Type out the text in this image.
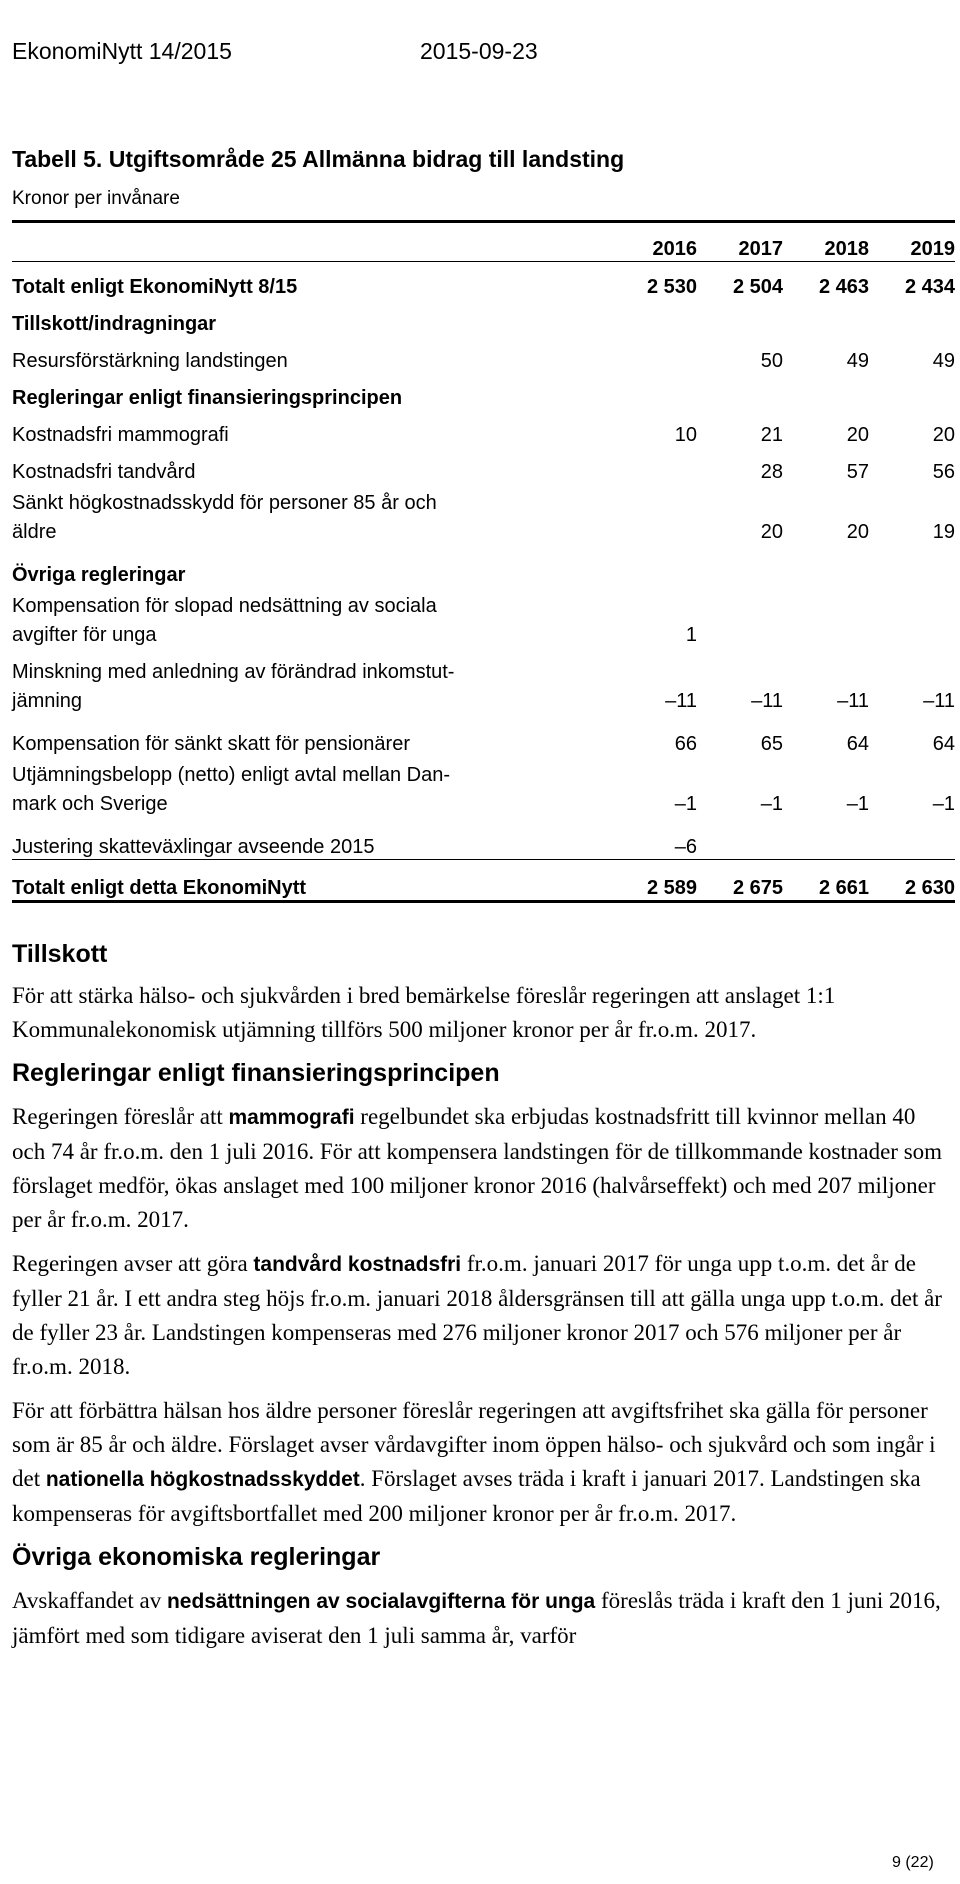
EkonomiNytt 14/2015	2015-09-23
Tabell 5. Utgiftsområde 25 Allmänna bidrag till landsting
Kronor per invånare
	2016	2017	2018	2019
Totalt enligt EkonomiNytt 8/15	2 530	2 504	2 463	2 434
Tillskott/indragningar				
Resursförstärkning landstingen		50	49	49
Regleringar enligt finansieringsprincipen				
Kostnadsfri mammografi	10	21	20	20
Kostnadsfri tandvård		28	57	56
Sänkt högkostnadsskydd för personer 85 år och
äldre		20	20	19
Övriga regleringar				
Kompensation för slopad nedsättning av sociala
avgifter för unga	1			
Minskning med anledning av förändrad inkomstut-
jämning	–11	–11	–11	–11
Kompensation för sänkt skatt för pensionärer	66	65	64	64
Utjämningsbelopp (netto) enligt avtal mellan Dan-
mark och Sverige	–1	–1	–1	–1
Justering skatteväxlingar avseende 2015	–6			
Totalt enligt detta EkonomiNytt	2 589	2 675	2 661	2 630
Tillskott

För att stärka hälso- och sjukvården i bred bemärkelse föreslår regeringen att anslaget 1:1 Kommunalekonomisk utjämning tillförs 500 miljoner kronor per år fr.o.m. 2017.

Regleringar enligt finansieringsprincipen

Regeringen föreslår att mammografi regelbundet ska erbjudas kostnadsfritt till kvinnor mellan 40 och 74 år fr.o.m. den 1 juli 2016. För att kompensera landstingen för de tillkommande kostnader som förslaget medför, ökas anslaget med 100 miljoner kronor 2016 (halvårseffekt) och med 207 miljoner per år fr.o.m. 2017.

Regeringen avser att göra tandvård kostnadsfri fr.o.m. januari 2017 för unga upp t.o.m. det år de fyller 21 år. I ett andra steg höjs fr.o.m. januari 2018 åldersgränsen till att gälla unga upp t.o.m. det år de fyller 23 år. Landstingen kompenseras med 276 miljoner kronor 2017 och 576 miljoner per år fr.o.m. 2018.

För att förbättra hälsan hos äldre personer föreslår regeringen att avgiftsfrihet ska gälla för personer som är 85 år och äldre. Förslaget avser vårdavgifter inom öppen hälso- och sjukvård och som ingår i det nationella högkostnadsskyddet. Förslaget avses träda i kraft i januari 2017. Landstingen ska kompenseras för avgiftsbortfallet med 200 miljoner kronor per år fr.o.m. 2017.

Övriga ekonomiska regleringar

Avskaffandet av nedsättningen av socialavgifterna för unga föreslås träda i kraft den 1 juni 2016, jämfört med som tidigare aviserat den 1 juli samma år, varför

9 (22)
